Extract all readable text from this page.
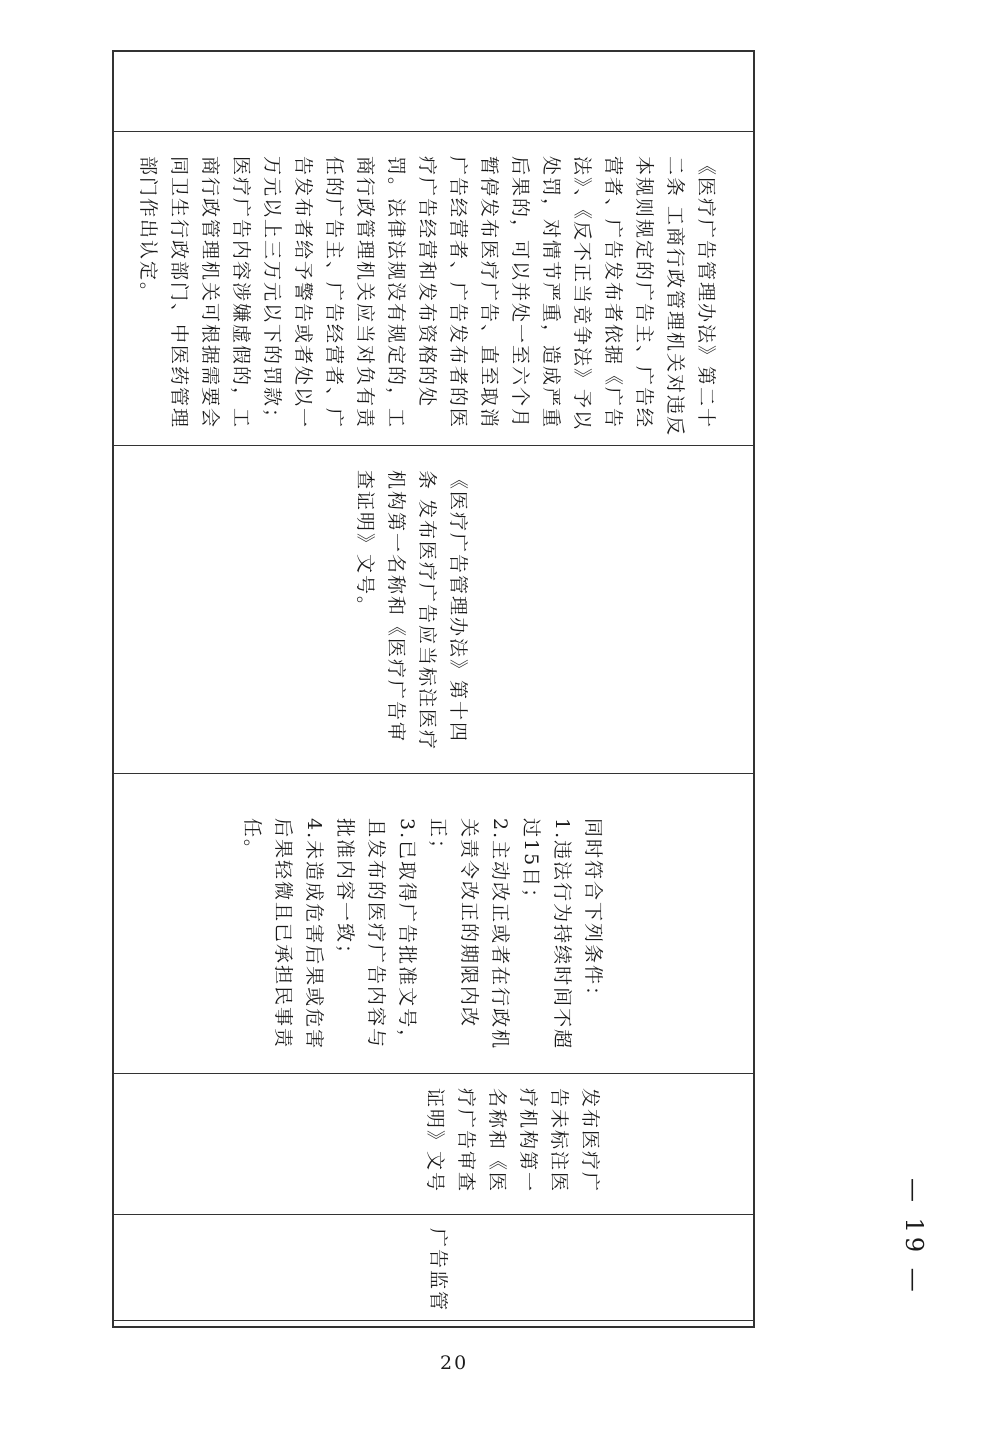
— 19 —
《医疗广告管理办法》第二十二条 工商行政管理机关对违反本规则规定的广告主、广告经营者、广告发布者依据《广告法》、《反不正当竞争法》予以处罚，对情节严重，造成严重后果的，可以并处一至六个月暂停发布医疗广告、直至取消广告经营者、广告发布者的医疗广告经营和发布资格的处罚。法律法规没有规定的，工商行政管理机关应当对负有责任的广告主、广告经营者、广告发布者给予警告或者处以一万元以上三万元以下的罚款；医疗广告内容涉嫌虚假的，工商行政管理机关可根据需要会同卫生行政部门、中医药管理部门作出认定。
《医疗广告管理办法》第十四条 发布医疗广告应当标注医疗机构第一名称和《医疗广告审查证明》文号。
同时符合下列条件：
1.违法行为持续时间不超过15日；
2.主动改正或者在行政机关责令改正的期限内改正；
3.已取得广告批准文号，且发布的医疗广告内容与批准内容一致；
4.未造成危害后果或危害后果轻微且已承担民事责任。
发布医疗广告未标注医疗机构第一名称和《医疗广告审查证明》文号
广告监管
20
